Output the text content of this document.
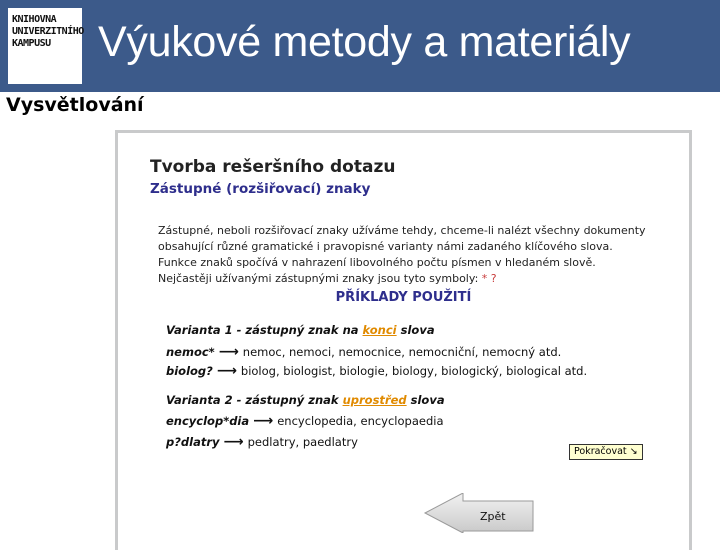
KNIHOVNA
UNIVERZITNÍHO
KAMPUSU	Výukové metody a materiály
Vysvětlování
Tvorba rešeršního dotazu
Zástupné (rozšiřovací) znaky
Zástupné, neboli rozšiřovací znaky užíváme tehdy, chceme-li nalézt všechny dokumenty
obsahující různé gramatické i pravopisné varianty námi zadaného klíčového slova.
Funkce znaků spočívá v nahrazení libovolného počtu písmen v hledaném slově.
Nejčastěji užívanými zástupnými znaky jsou tyto symboly: * ?
PŘÍKLADY POUŽITÍ
Varianta 1 - zástupný znak na konci slova
nemoc* ⟶ nemoc, nemoci, nemocnice, nemocniční, nemocný atd.
biolog? ⟶ biolog, biologist, biologie, biology, biologický, biological atd.
Varianta 2 - zástupný znak uprostřed slova
encyclop*dia ⟶ encyclopedia, encyclopaedia
p?dlatry ⟶ pedlatry, paedlatry
Pokračovat ↘
Zpět
